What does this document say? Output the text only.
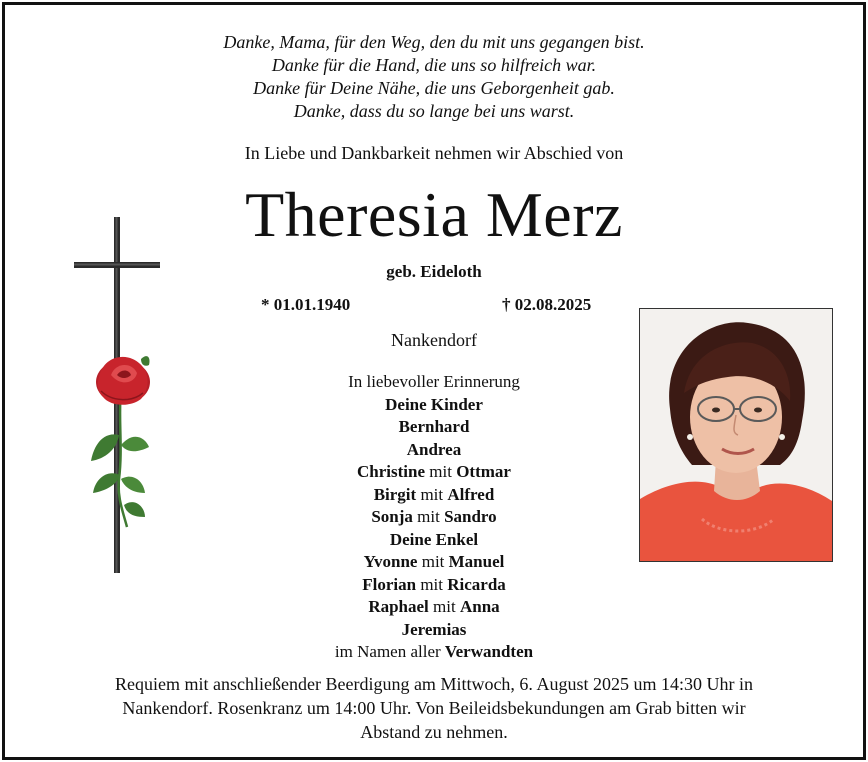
Danke, Mama, für den Weg, den du mit uns gegangen bist.
Danke für die Hand, die uns so hilfreich war.
Danke für Deine Nähe, die uns Geborgenheit gab.
Danke, dass du so lange bei uns warst.
In Liebe und Dankbarkeit nehmen wir Abschied von
Theresia Merz
geb. Eideloth
* 01.01.1940	† 02.08.2025
Nankendorf
In liebevoller Erinnerung
Deine Kinder
Bernhard
Andrea
Christine mit Ottmar
Birgit mit Alfred
Sonja mit Sandro
Deine Enkel
Yvonne mit Manuel
Florian mit Ricarda
Raphael mit Anna
Jeremias
im Namen aller Verwandten
Requiem mit anschließender Beerdigung am Mittwoch, 6. August 2025 um 14:30 Uhr in
Nankendorf. Rosenkranz um 14:00 Uhr. Von Beileidsbekundungen am Grab bitten wir
Abstand zu nehmen.
